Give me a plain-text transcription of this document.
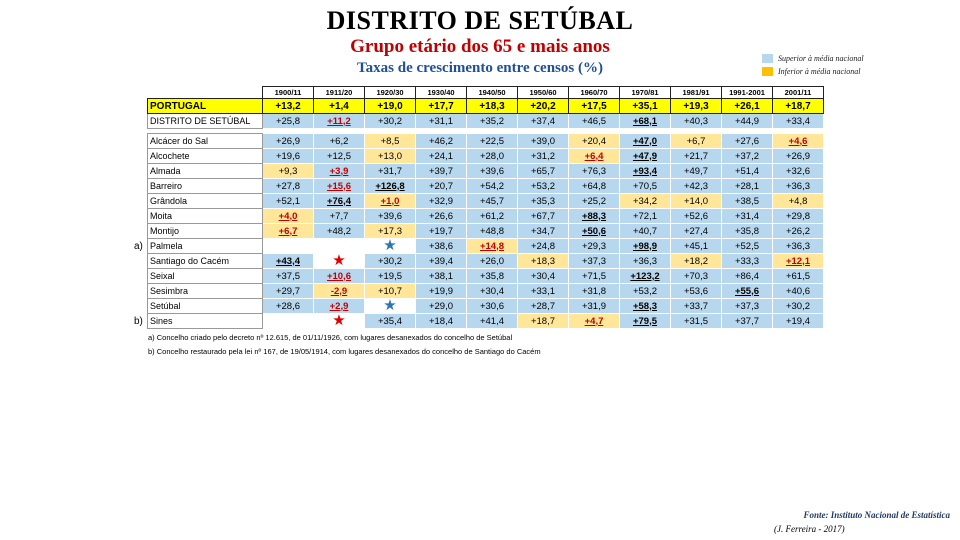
DISTRITO DE SETÚBAL
Grupo etário dos 65 e mais anos
Taxas de crescimento entre censos (%)
Superior à média nacional
Inferior à média nacional
	1900/11	1911/20	1920/30	1930/40	1940/50	1950/60	1960/70	1970/81	1981/91	1991-2001	2001/11
PORTUGAL	+13,2	+1,4	+19,0	+17,7	+18,3	+20,2	+17,5	+35,1	+19,3	+26,1	+18,7
DISTRITO DE SETÚBAL	+25,8	+11,2	+30,2	+31,1	+35,2	+37,4	+46,5	+68,1	+40,3	+44,9	+33,4

Alcácer do Sal	+26,9	+6,2	+8,5	+46,2	+22,5	+39,0	+20,4	+47,0	+6,7	+27,6	+4,6
Alcochete	+19,6	+12,5	+13,0	+24,1	+28,0	+31,2	+6,4	+47,9	+21,7	+37,2	+26,9
Almada	+9,3	+3,9	+31,7	+39,7	+39,6	+65,7	+76,3	+93,4	+49,7	+51,4	+32,6
Barreiro	+27,8	+15,6	+126,8	+20,7	+54,2	+53,2	+64,8	+70,5	+42,3	+28,1	+36,3
Grândola	+52,1	+76,4	+1,0	+32,9	+45,7	+35,3	+25,2	+34,2	+14,0	+38,5	+4,8
Moita	+4,0	+7,7	+39,6	+26,6	+61,2	+67,7	+88,3	+72,1	+52,6	+31,4	+29,8
Montijo	+6,7	+48,2	+17,3	+19,7	+48,8	+34,7	+50,6	+40,7	+27,4	+35,8	+26,2
Palmela			★	+38,6	+14,8	+24,8	+29,3	+98,9	+45,1	+52,5	+36,3
Santiago do Cacém	+43,4	★	+30,2	+39,4	+26,0	+18,3	+37,3	+36,3	+18,2	+33,3	+12,1
Seixal	+37,5	+10,6	+19,5	+38,1	+35,8	+30,4	+71,5	+123,2	+70,3	+86,4	+61,5
Sesimbra	+29,7	-2,9	+10,7	+19,9	+30,4	+33,1	+31,8	+53,2	+53,6	+55,6	+40,6
Setúbal	+28,6	+2,9	★	+29,0	+30,6	+28,7	+31,9	+58,3	+33,7	+37,3	+30,2
Sines		★	+35,4	+18,4	+41,4	+18,7	+4,7	+79,5	+31,5	+37,7	+19,4
a)
b)
a) Concelho criado pelo decreto nº 12.615, de 01/11/1926, com lugares desanexados do concelho de Setúbal
b) Concelho restaurado pela lei nº 167, de 19/05/1914, com lugares desanexados do concelho de Santiago do Cacém
Fonte: Instituto Nacional de Estatística
(J. Ferreira - 2017)
